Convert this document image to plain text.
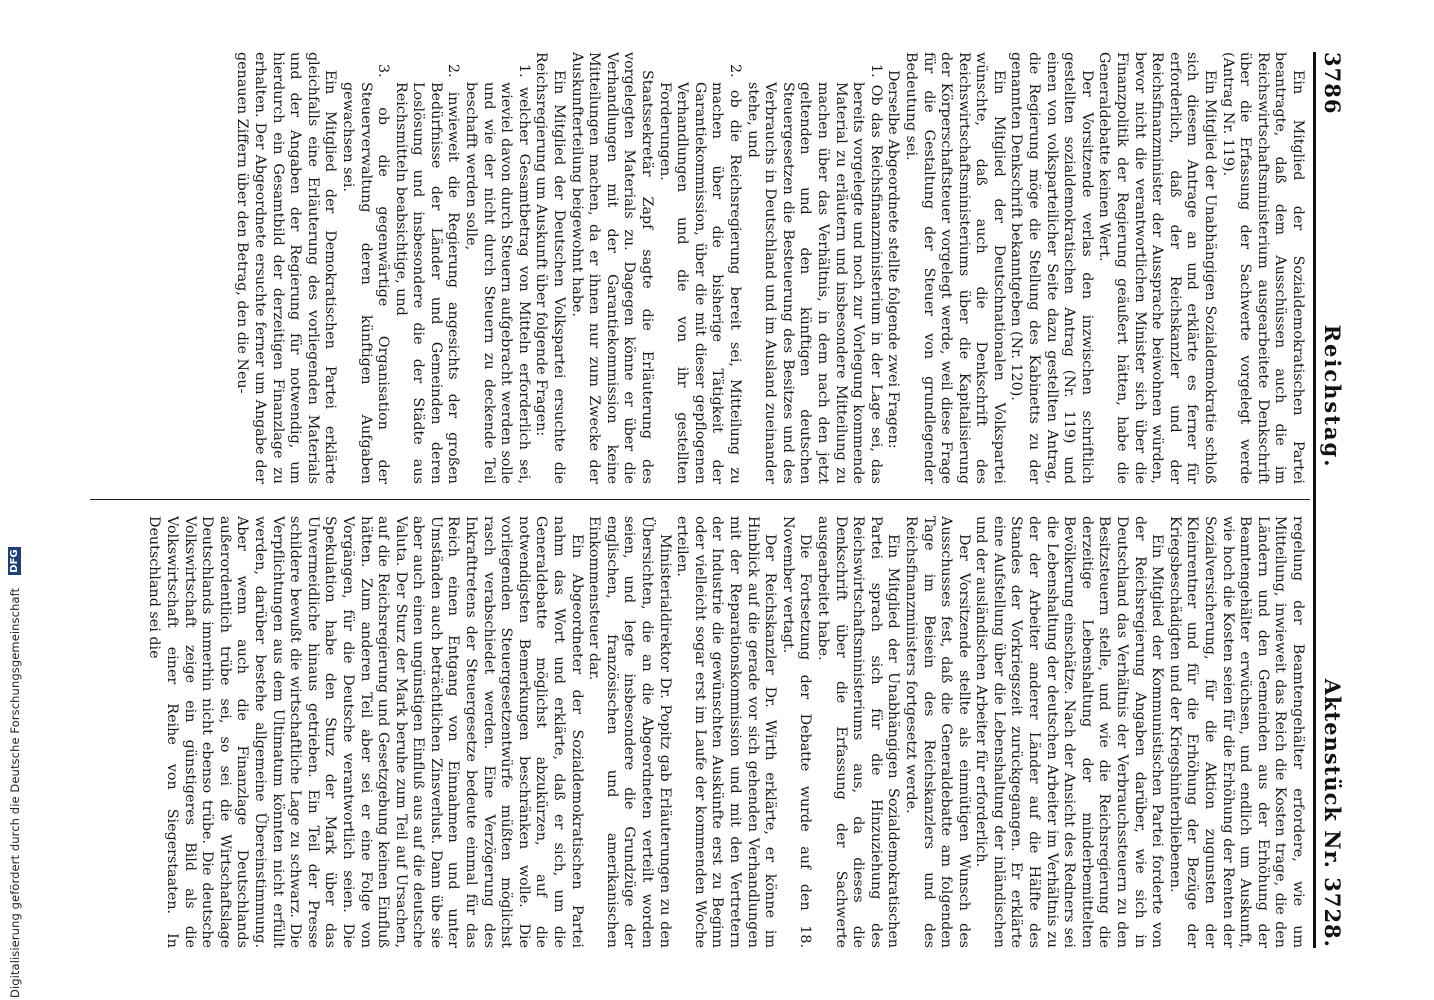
3786
Reichstag.
Aktenstück Nr. 3728.

Ein Mitglied der Sozialdemokratischen Partei beantragte, daß dem Ausschüssen auch die im Reichswirtschaftsministerium ausgearbeitete Denkschrift über die Erfassung der Sachwerte vorgelegt werde (Antrag Nr. 119).

Ein Mitglied der Unabhängigen Sozialdemokratie schloß sich diesem Antrage an und erklärte es ferner für erforderlich, daß der Reichskanzler und der Reichsfinanzminister der Aussprache beiwohnen würden, bevor nicht die verantwortlichen Minister sich über die Finanzpolitik der Regierung geäußert hätten, habe die Generaldebatte keinen Wert.

Der Vorsitzende verlas den inzwischen schriftlich gestellten sozialdemokratischen Antrag (Nr. 119) und einen von volksparteilicher Seite dazu gestellten Antrag, die Regierung möge die Stellung des Kabinetts zu der genannten Denkschrift bekanntgeben (Nr. 120).

Ein Mitglied der Deutschnationalen Volkspartei wünschte, daß auch die Denkschrift des Reichswirtschaftsministeriums über die Kapitalisierung der Körperschaftsteuer vorgelegt werde, weil diese Frage für die Gestaltung der Steuer von grundlegender Bedeutung sei.

Derselbe Abgeordnete stellte folgende zwei Fragen:

1. Ob das Reichsfinanzministerium in der Lage sei, das bereits vorgelegte und noch zur Vorlegung kommende Material zu erläutern und insbesondere Mitteilung zu machen über das Verhältnis, in dem nach den jetzt geltenden und den künftigen deutschen Steuergesetzen die Besteuerung des Besitzes und des Verbrauchs in Deutschland und im Ausland zueinander stehe, und
2. ob die Reichsregierung bereit sei, Mitteilung zu machen über die bisherige Tätigkeit der Garantiekommission, über die mit dieser gepflogenen Verhandlungen und die von ihr gestellten Forderungen.

Staatssekretär Zapf sagte die Erläuterung des vorgelegten Materials zu. Dagegen könne er über die Verhandlungen mit der Garantiekommission keine Mitteilungen machen, da er ihnen nur zum Zwecke der Auskunfterteilung beigewohnt habe.

Ein Mitglied der Deutschen Volkspartei ersuchte die Reichsregierung um Auskunft über folgende Fragen:

1. welcher Gesamtbetrag von Mitteln erforderlich sei, wieviel davon durch Steuern aufgebracht werden solle und wie der nicht durch Steuern zu deckende Teil beschafft werden solle,
2. inwieweit die Regierung angesichts der großen Bedürfnisse der Länder und Gemeinden deren Loslösung und insbesondere die der Städte aus Reichsmitteln beabsichtige, und
3. ob die gegenwärtige Organisation der Steuerverwaltung deren künftigen Aufgaben gewachsen sei.

Ein Mitglied der Demokratischen Partei erklärte gleichfalls eine Erläuterung des vorliegenden Materials und der Angaben der Regierung für notwendig, um hierdurch ein Gesamtbild der derzeitigen Finanzlage zu erhalten. Der Abgeordnete ersuchte ferner um Angabe der genauen Ziffern über den Betrag, den die Neu-

regelung der Beamtengehälter erfordere, wie um Mitteilung, inwieweit das Reich die Kosten trage, die den Ländern und den Gemeinden aus der Erhöhung der Beamtengehälter erwüchsen, und endlich um Auskunft, wie hoch die Kosten seien für die Erhöhung der Renten der Sozialversicherung, für die Aktion zugunsten der Kleinrentner und für die Erhöhung der Bezüge der Kriegsbeschädigten und der Kriegshinterbliebenen.

Ein Mitglied der Kommunistischen Partei forderte von der Reichsregierung Angaben darüber, wie sich in Deutschland das Verhältnis der Verbrauchssteuern zu den Besitzsteuern stelle, und wie die Reichsregierung die derzeitige Lebenshaltung der minderbemittelten Bevölkerung einschätze. Nach der Ansicht des Redners sei die Lebenshaltung der deutschen Arbeiter im Verhältnis zu der der Arbeiter anderer Länder auf die Hälfte des Standes der Vorkriegszeit zurückgegangen. Er erklärte eine Aufstellung über die Lebenshaltung der inländischen und der ausländischen Arbeiter für erforderlich.

Der Vorsitzende stellte als einmütigen Wunsch des Ausschusses fest, daß die Generaldebatte am folgenden Tage im Beisein des Reichskanzlers und des Reichsfinanzministers fortgesetzt werde.

Ein Mitglied der Unabhängigen Sozialdemokratischen Partei sprach sich für die Hinzuziehung des Reichswirtschaftsministeriums aus, da dieses die Denkschrift über die Erfassung der Sachwerte ausgearbeitet habe.

Die Fortsetzung der Debatte wurde auf den 18. November vertagt.

Der Reichskanzler Dr. Wirth erklärte, er könne im Hinblick auf die gerade vor sich gehenden Verhandlungen mit der Reparationskommission und mit den Vertretern der Industrie die gewünschten Auskünfte erst zu Beginn oder vielleicht sogar erst im Laufe der kommenden Woche erteilen.

Ministerialdirektor Dr. Popitz gab Erläuterungen zu den Übersichten, die an die Abgeordneten verteilt worden seien, und legte insbesondere die Grundzüge der englischen, französischen und amerikanischen Einkommensteuer dar.

Ein Abgeordneter der Sozialdemokratischen Partei nahm das Wort und erklärte, daß er sich, um die Generaldebatte möglichst abzukürzen, auf die notwendigsten Bemerkungen beschränken wolle. Die vorliegenden Steuergesetzentwürfe müßten möglichst rasch verabschiedet werden. Eine Verzögerung des Inkrafttretens der Steuergesetze bedeute einmal für das Reich einen Entgang von Einnahmen und unter Umständen auch beträchtlichen Zinsverlust. Dann übe sie aber auch einen ungünstigen Einfluß aus auf die deutsche Valuta. Der Sturz der Mark beruhe zum Teil auf Ursachen, auf die Reichsregierung und Gesetzgebung keinen Einfluß hätten. Zum anderen Teil aber sei er eine Folge von Vorgängen, für die Deutsche verantwortlich seien. Die Spekulation habe den Sturz der Mark über das Unvermeidliche hinaus getrieben. Ein Teil der Presse schildere bewußt die wirtschaftliche Lage zu schwarz. Die Verpflichtungen aus dem Ultimatum könnten nicht erfüllt werden, darüber bestehe allgemeine Übereinstimmung. Aber wenn auch die Finanzlage Deutschlands außerordentlich trübe sei, so sei die Wirtschaftslage Deutschlands immerhin nicht ebenso trübe. Die deutsche Volkswirtschaft zeige ein günstigeres Bild als die Volkswirtschaft einer Reihe von Siegerstaaten. In Deutschland sei die

Digitalisierung gefördert durch die Deutsche Forschungsgemeinschaft DFG
